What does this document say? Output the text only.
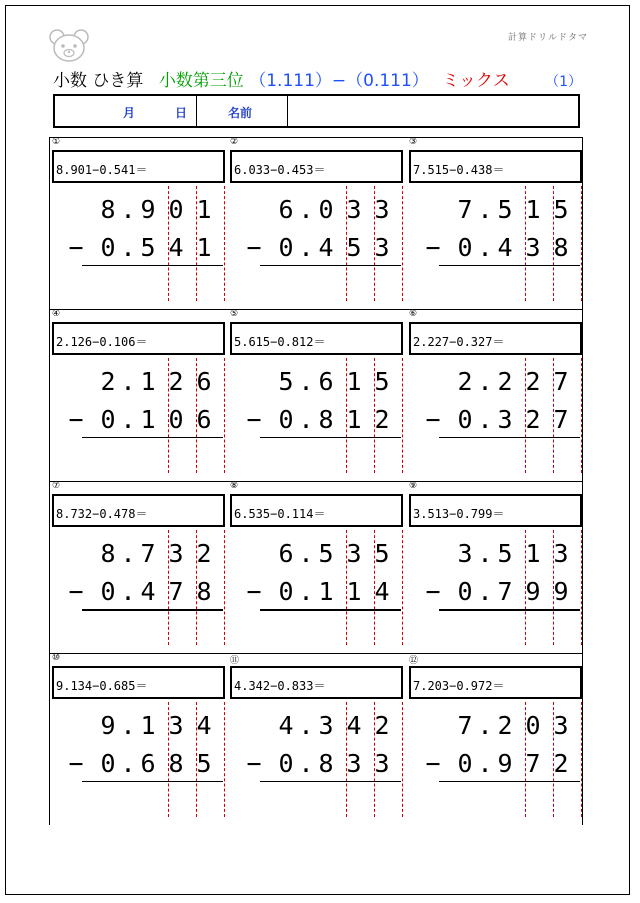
計算ドリルドタマ
小数 ひき算 小数第三位 （1.111）−（0.111） ミックス	（1）
月	日	名前
①
8.901−0.541＝
8 . 9 0 1
− 0 . 5 4 1
②
6.033−0.453＝
6 . 0 3 3
− 0 . 4 5 3
③
7.515−0.438＝
7 . 5 1 5
− 0 . 4 3 8
④
2.126−0.106＝
2 . 1 2 6
− 0 . 1 0 6
⑤
5.615−0.812＝
5 . 6 1 5
− 0 . 8 1 2
⑥
2.227−0.327＝
2 . 2 2 7
− 0 . 3 2 7
⑦
8.732−0.478＝
8 . 7 3 2
− 0 . 4 7 8
⑧
6.535−0.114＝
6 . 5 3 5
− 0 . 1 1 4
⑨
3.513−0.799＝
3 . 5 1 3
− 0 . 7 9 9
⑩
9.134−0.685＝
9 . 1 3 4
− 0 . 6 8 5
⑪
4.342−0.833＝
4 . 3 4 2
− 0 . 8 3 3
⑫
7.203−0.972＝
7 . 2 0 3
− 0 . 9 7 2
